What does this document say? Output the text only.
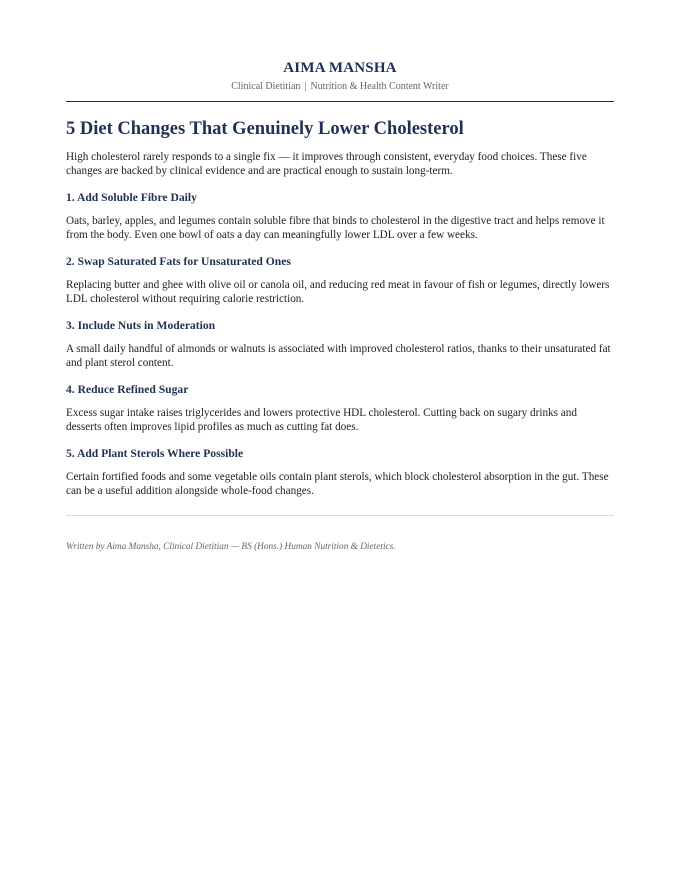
AIMA MANSHA
Clinical Dietitian | Nutrition & Health Content Writer
5 Diet Changes That Genuinely Lower Cholesterol

High cholesterol rarely responds to a single fix — it improves through consistent, everyday food choices. These five changes are backed by clinical evidence and are practical enough to sustain long-term.

1. Add Soluble Fibre Daily

Oats, barley, apples, and legumes contain soluble fibre that binds to cholesterol in the digestive tract and helps remove it from the body. Even one bowl of oats a day can meaningfully lower LDL over a few weeks.

2. Swap Saturated Fats for Unsaturated Ones

Replacing butter and ghee with olive oil or canola oil, and reducing red meat in favour of fish or legumes, directly lowers LDL cholesterol without requiring calorie restriction.

3. Include Nuts in Moderation

A small daily handful of almonds or walnuts is associated with improved cholesterol ratios, thanks to their unsaturated fat and plant sterol content.

4. Reduce Refined Sugar

Excess sugar intake raises triglycerides and lowers protective HDL cholesterol. Cutting back on sugary drinks and desserts often improves lipid profiles as much as cutting fat does.

5. Add Plant Sterols Where Possible

Certain fortified foods and some vegetable oils contain plant sterols, which block cholesterol absorption in the gut. These can be a useful addition alongside whole-food changes.

Written by Aima Mansha, Clinical Dietitian — BS (Hons.) Human Nutrition & Dietetics.
